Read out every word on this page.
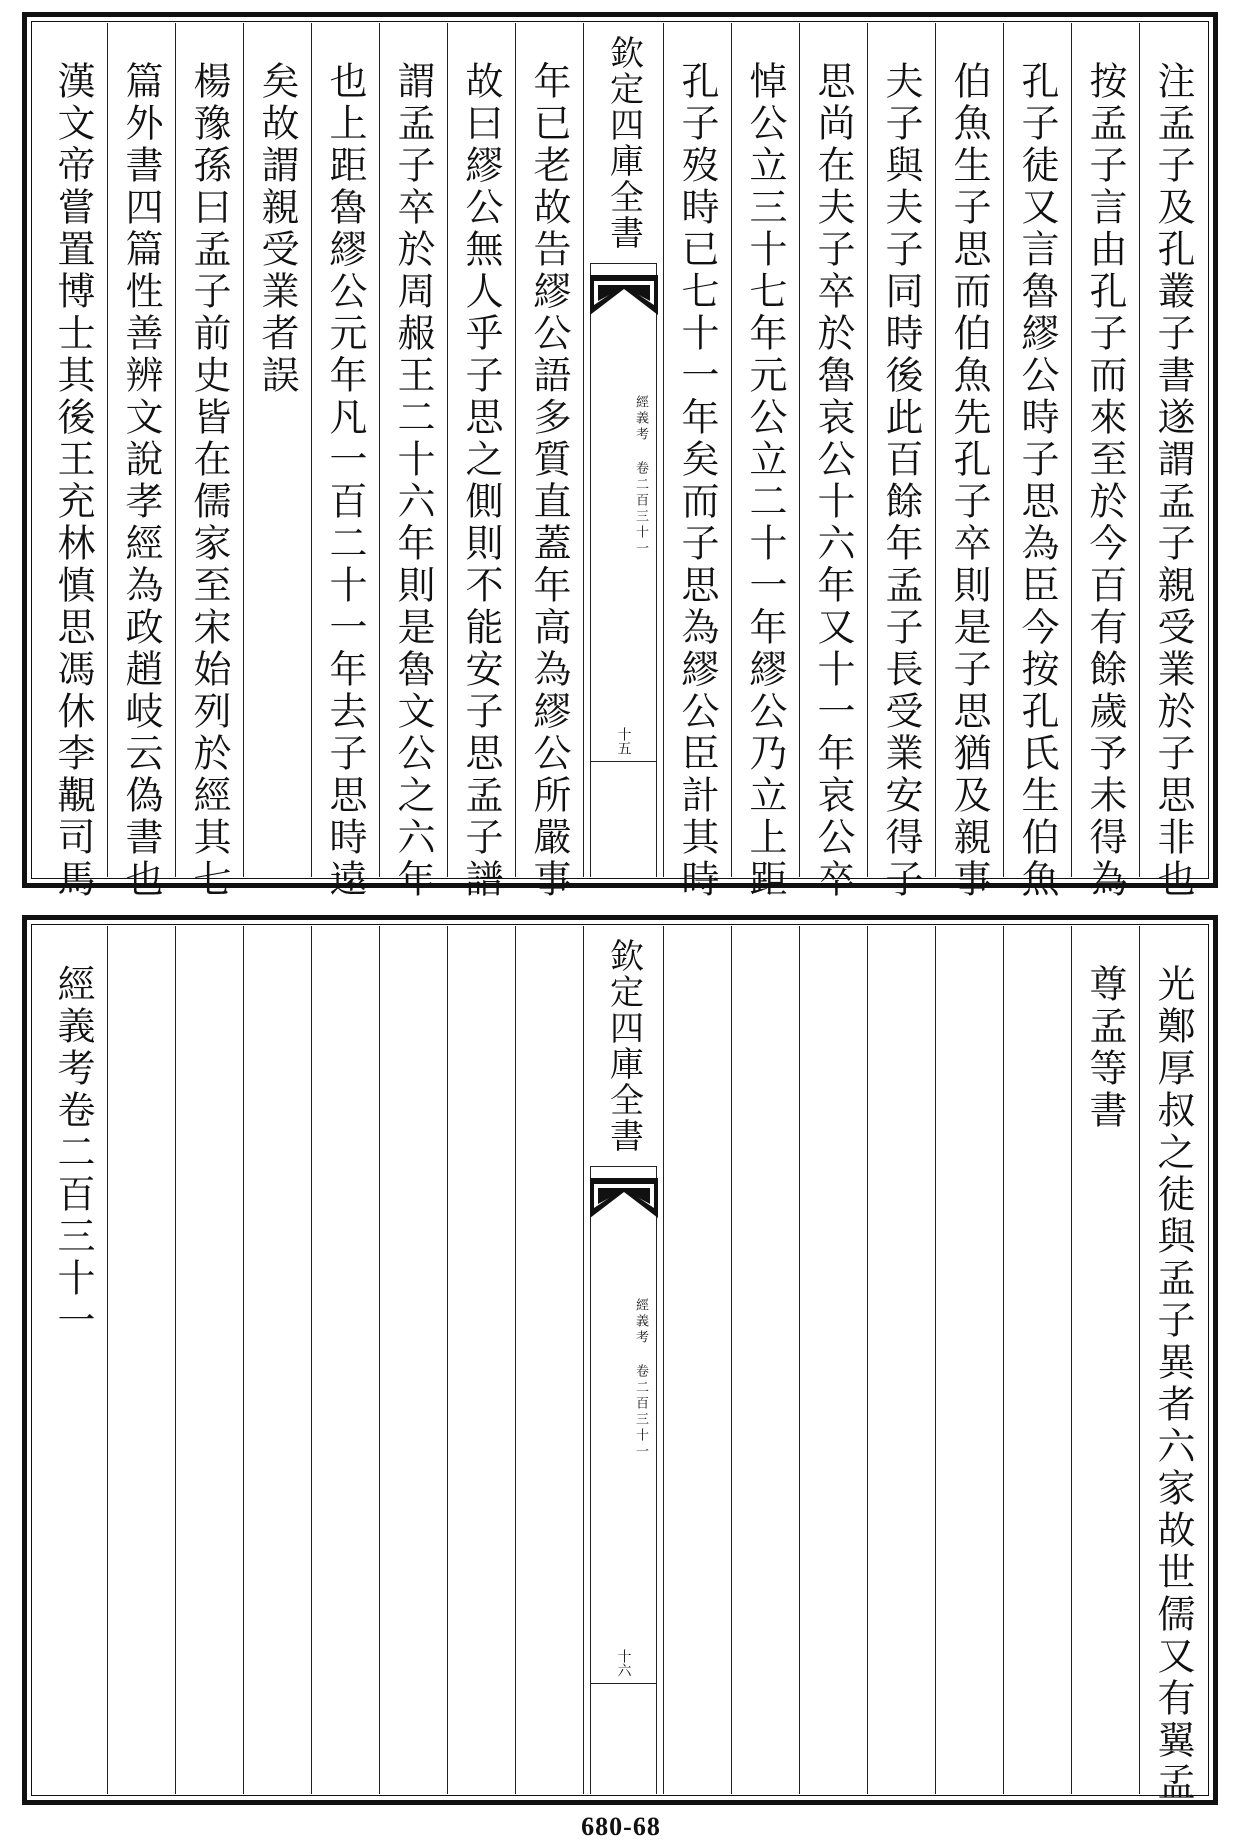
注孟子及孔叢子書遂謂孟子親受業於子思非也
按孟子言由孔子而來至於今百有餘歲予未得為
孔子徒又言魯繆公時子思為臣今按孔氏生伯魚
伯魚生子思而伯魚先孔子卒則是子思猶及親事
夫子與夫子同時後此百餘年孟子長受業安得子
思尚在夫子卒於魯哀公十六年又十一年哀公卒
悼公立三十七年元公立二十一年繆公乃立上距
孔子歿時已七十一年矣而子思為繆公臣計其時
欽定四庫全書
經義考 卷二百三十一
十五
年已老故告繆公語多質直蓋年高為繆公所嚴事
故曰繆公無人乎子思之側則不能安子思孟子譜
謂孟子卒於周赧王二十六年則是魯文公之六年
也上距魯繆公元年凡一百二十一年去子思時遠
矣故謂親受業者誤
楊豫孫曰孟子前史皆在儒家至宋始列於經其七
篇外書四篇性善辨文說孝經為政趙岐云偽書也
漢文帝嘗置博士其後王充林慎思馮休李覯司馬
光鄭厚叔之徒與孟子異者六家故世儒又有翼孟
尊孟等書
欽定四庫全書
經義考 卷二百三十一
十六
經義考卷二百三十一
680-68
